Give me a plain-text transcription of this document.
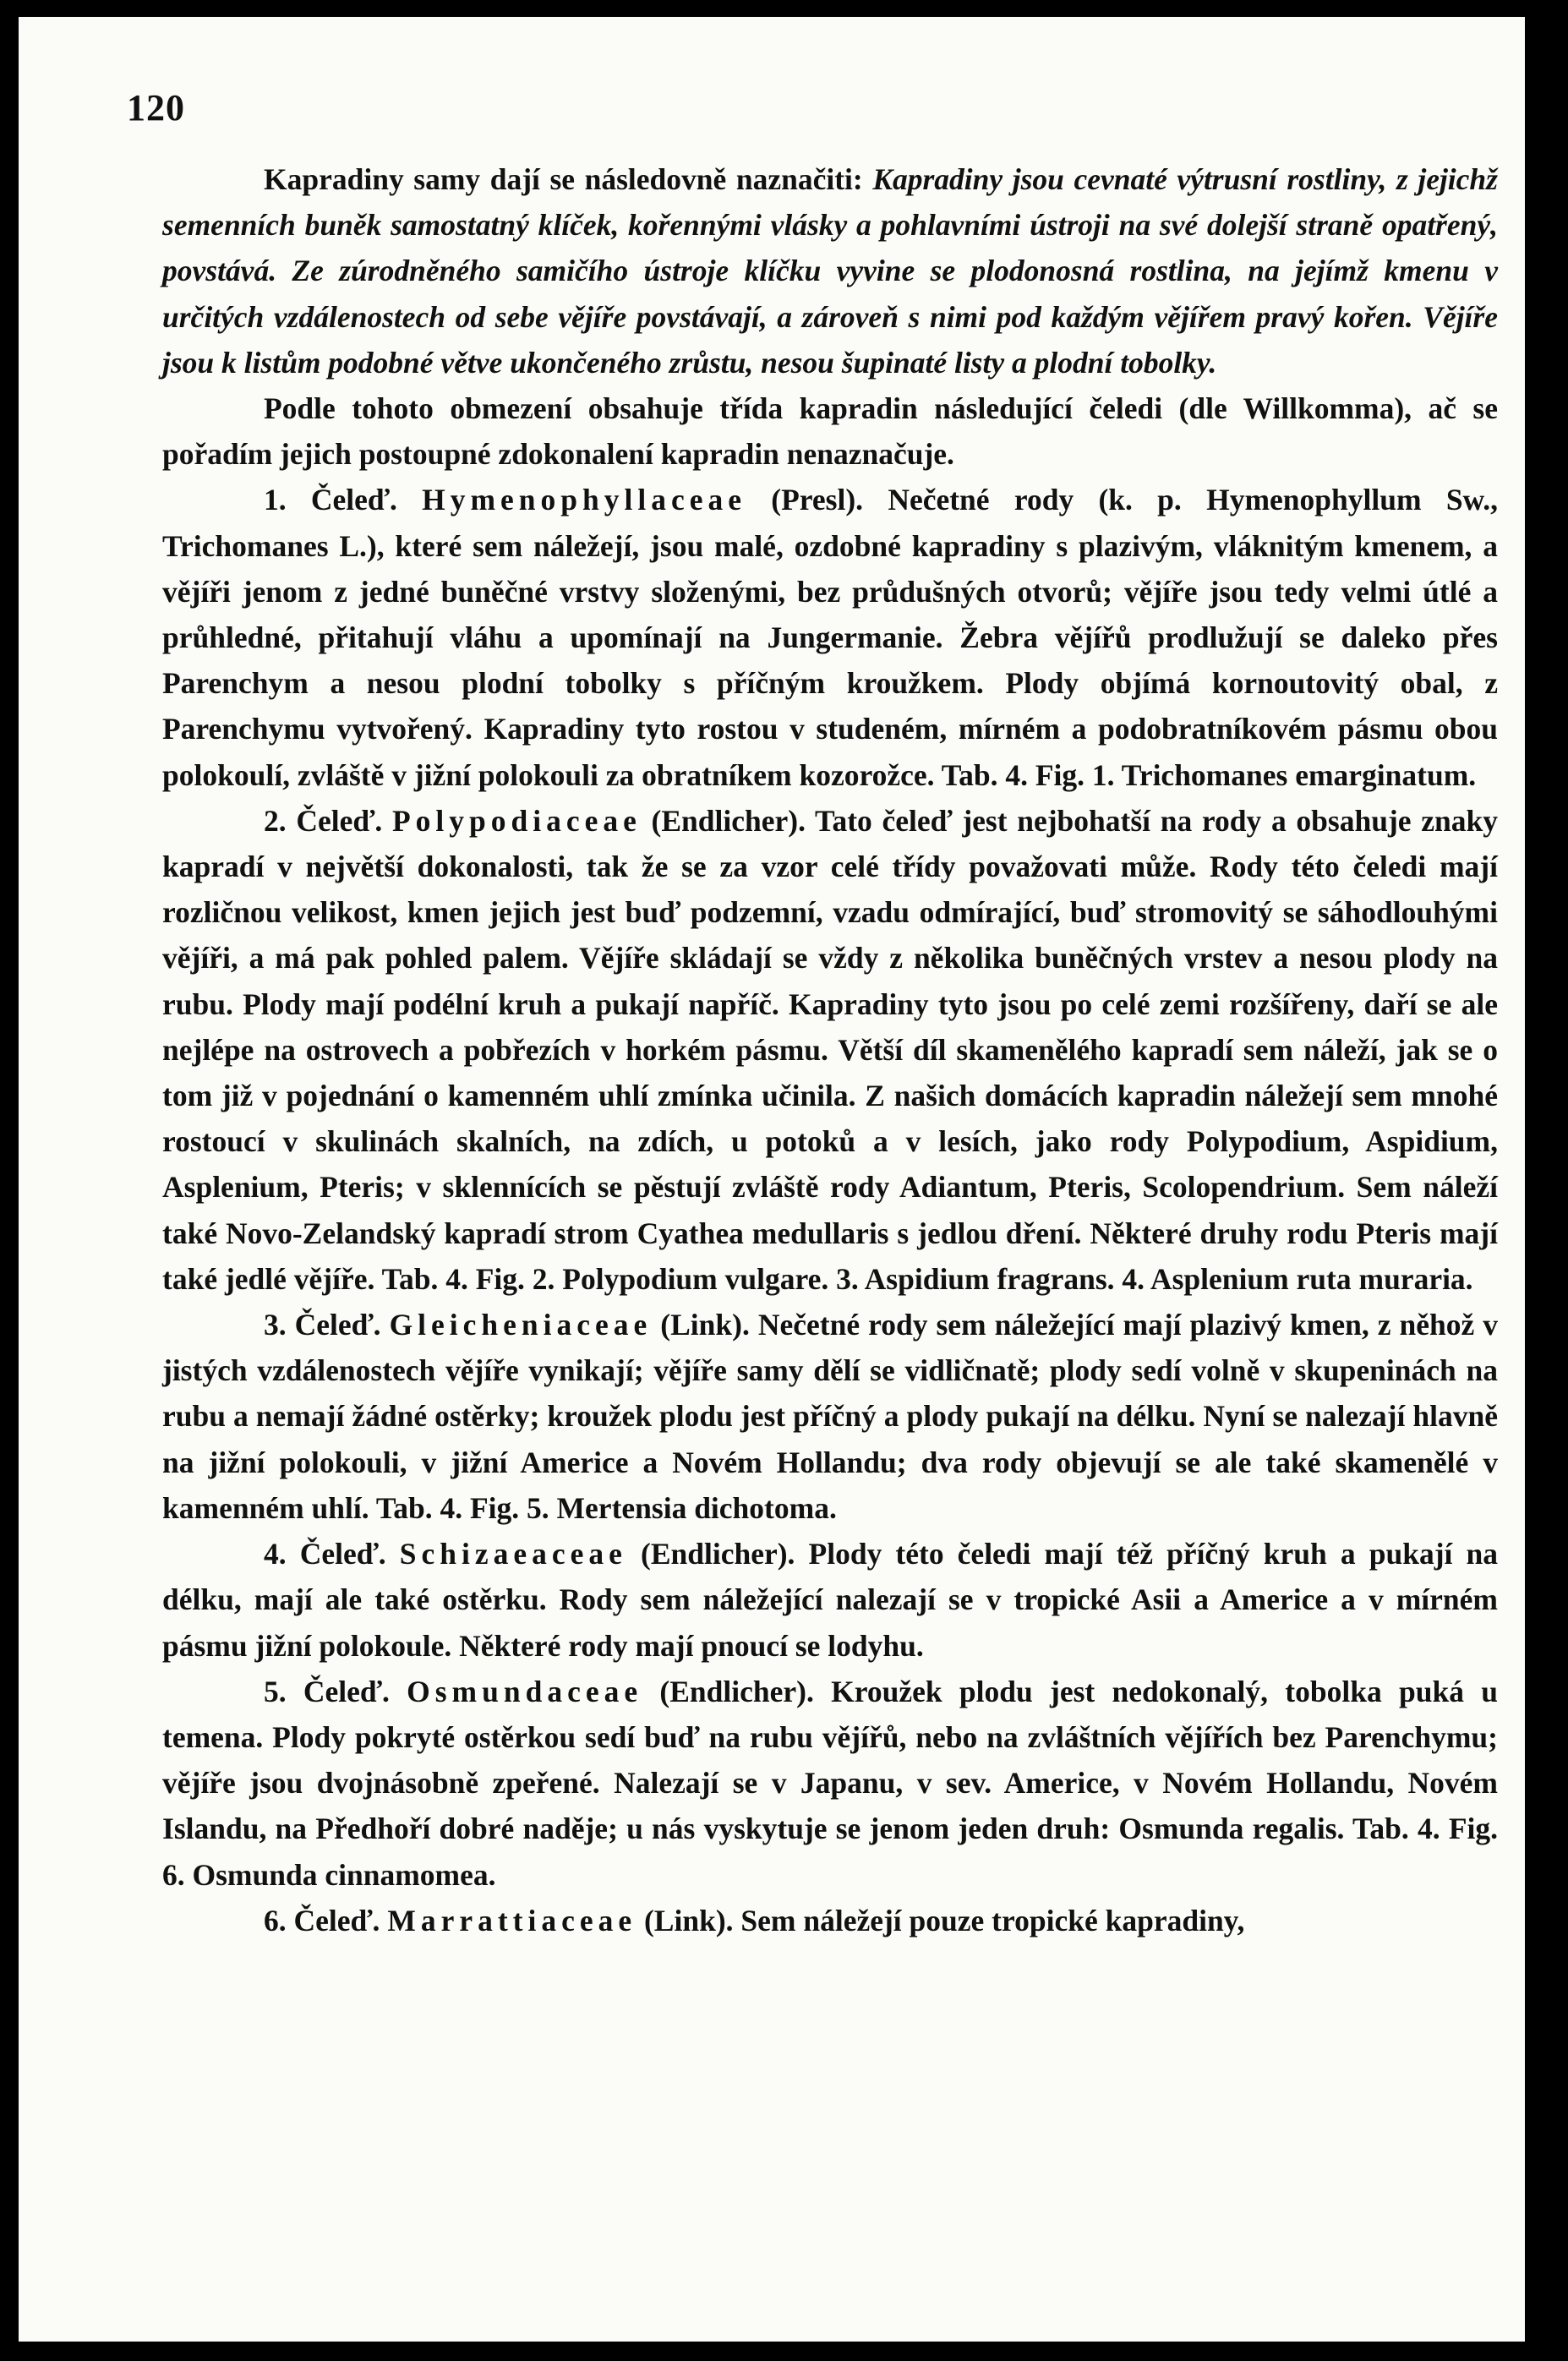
120

Kapradiny samy dají se následovně naznačiti: Kapradiny jsou cevnaté výtrusní rostliny, z jejichž semenních buněk samostatný klíček, kořennými vlásky a pohlavními ústroji na své dolejší straně opatřený, povstává. Ze zúrodněného samičího ústroje klíčku vyvine se plodonosná rostlina, na jejímž kmenu v určitých vzdálenostech od sebe vějíře povstávají, a zároveň s nimi pod každým vějířem pravý kořen. Vějíře jsou k listům podobné větve ukončeného zrůstu, nesou šupinaté listy a plodní tobolky.

Podle tohoto obmezení obsahuje třída kapradin následující čeledi (dle Willkomma), ač se pořadím jejich postoupné zdokonalení kapradin nenaznačuje.

1. Čeleď. Hymenophyllaceae (Presl). Nečetné rody (k. p. Hymenophyllum Sw., Trichomanes L.), které sem náležejí, jsou malé, ozdobné kapradiny s plazivým, vláknitým kmenem, a vějíři jenom z jedné buněčné vrstvy složenými, bez průdušných otvorů; vějíře jsou tedy velmi útlé a průhledné, přitahují vláhu a upomínají na Jungermanie. Žebra vějířů prodlužují se daleko přes Parenchym a nesou plodní tobolky s příčným kroužkem. Plody objímá kornoutovitý obal, z Parenchymu vytvořený. Kapradiny tyto rostou v studeném, mírném a podobratníkovém pásmu obou polokoulí, zvláště v jižní polokouli za obratníkem kozorožce. Tab. 4. Fig. 1. Trichomanes emarginatum.

2. Čeleď. Polypodiaceae (Endlicher). Tato čeleď jest nejbohatší na rody a obsahuje znaky kapradí v největší dokonalosti, tak že se za vzor celé třídy považovati může. Rody této čeledi mají rozličnou velikost, kmen jejich jest buď podzemní, vzadu odmírající, buď stromovitý se sáhodlouhými vějíři, a má pak pohled palem. Vějíře skládají se vždy z několika buněčných vrstev a nesou plody na rubu. Plody mají podélní kruh a pukají napříč. Kapradiny tyto jsou po celé zemi rozšířeny, daří se ale nejlépe na ostrovech a pobřezích v horkém pásmu. Větší díl skamenělého kapradí sem náleží, jak se o tom již v pojednání o kamenném uhlí zmínka učinila. Z našich domácích kapradin náležejí sem mnohé rostoucí v skulinách skalních, na zdích, u potoků a v lesích, jako rody Polypodium, Aspidium, Asplenium, Pteris; v sklennících se pěstují zvláště rody Adiantum, Pteris, Scolopendrium. Sem náleží také Novo-Zelandský kapradí strom Cyathea medullaris s jedlou dření. Některé druhy rodu Pteris mají také jedlé vějíře. Tab. 4. Fig. 2. Polypodium vulgare. 3. Aspidium fragrans. 4. Asplenium ruta muraria.

3. Čeleď. Gleicheniaceae (Link). Nečetné rody sem náležející mají plazivý kmen, z něhož v jistých vzdálenostech vějíře vynikají; vějíře samy dělí se vidličnatě; plody sedí volně v skupeninách na rubu a nemají žádné ostěrky; kroužek plodu jest příčný a plody pukají na délku. Nyní se nalezají hlavně na jižní polokouli, v jižní Americe a Novém Hollandu; dva rody objevují se ale také skamenělé v kamenném uhlí. Tab. 4. Fig. 5. Mertensia dichotoma.

4. Čeleď. Schizaeaceae (Endlicher). Plody této čeledi mají též příčný kruh a pukají na délku, mají ale také ostěrku. Rody sem náležející nalezají se v tropické Asii a Americe a v mírném pásmu jižní polokoule. Některé rody mají pnoucí se lodyhu.

5. Čeleď. Osmundaceae (Endlicher). Kroužek plodu jest nedokonalý, tobolka puká u temena. Plody pokryté ostěrkou sedí buď na rubu vějířů, nebo na zvláštních vějířích bez Parenchymu; vějíře jsou dvojnásobně zpeřené. Nalezají se v Japanu, v sev. Americe, v Novém Hollandu, Novém Islandu, na Předhoří dobré naděje; u nás vyskytuje se jenom jeden druh: Osmunda regalis. Tab. 4. Fig. 6. Osmunda cinnamomea.

6. Čeleď. Marrattiaceae (Link). Sem náležejí pouze tropické kapradiny,
